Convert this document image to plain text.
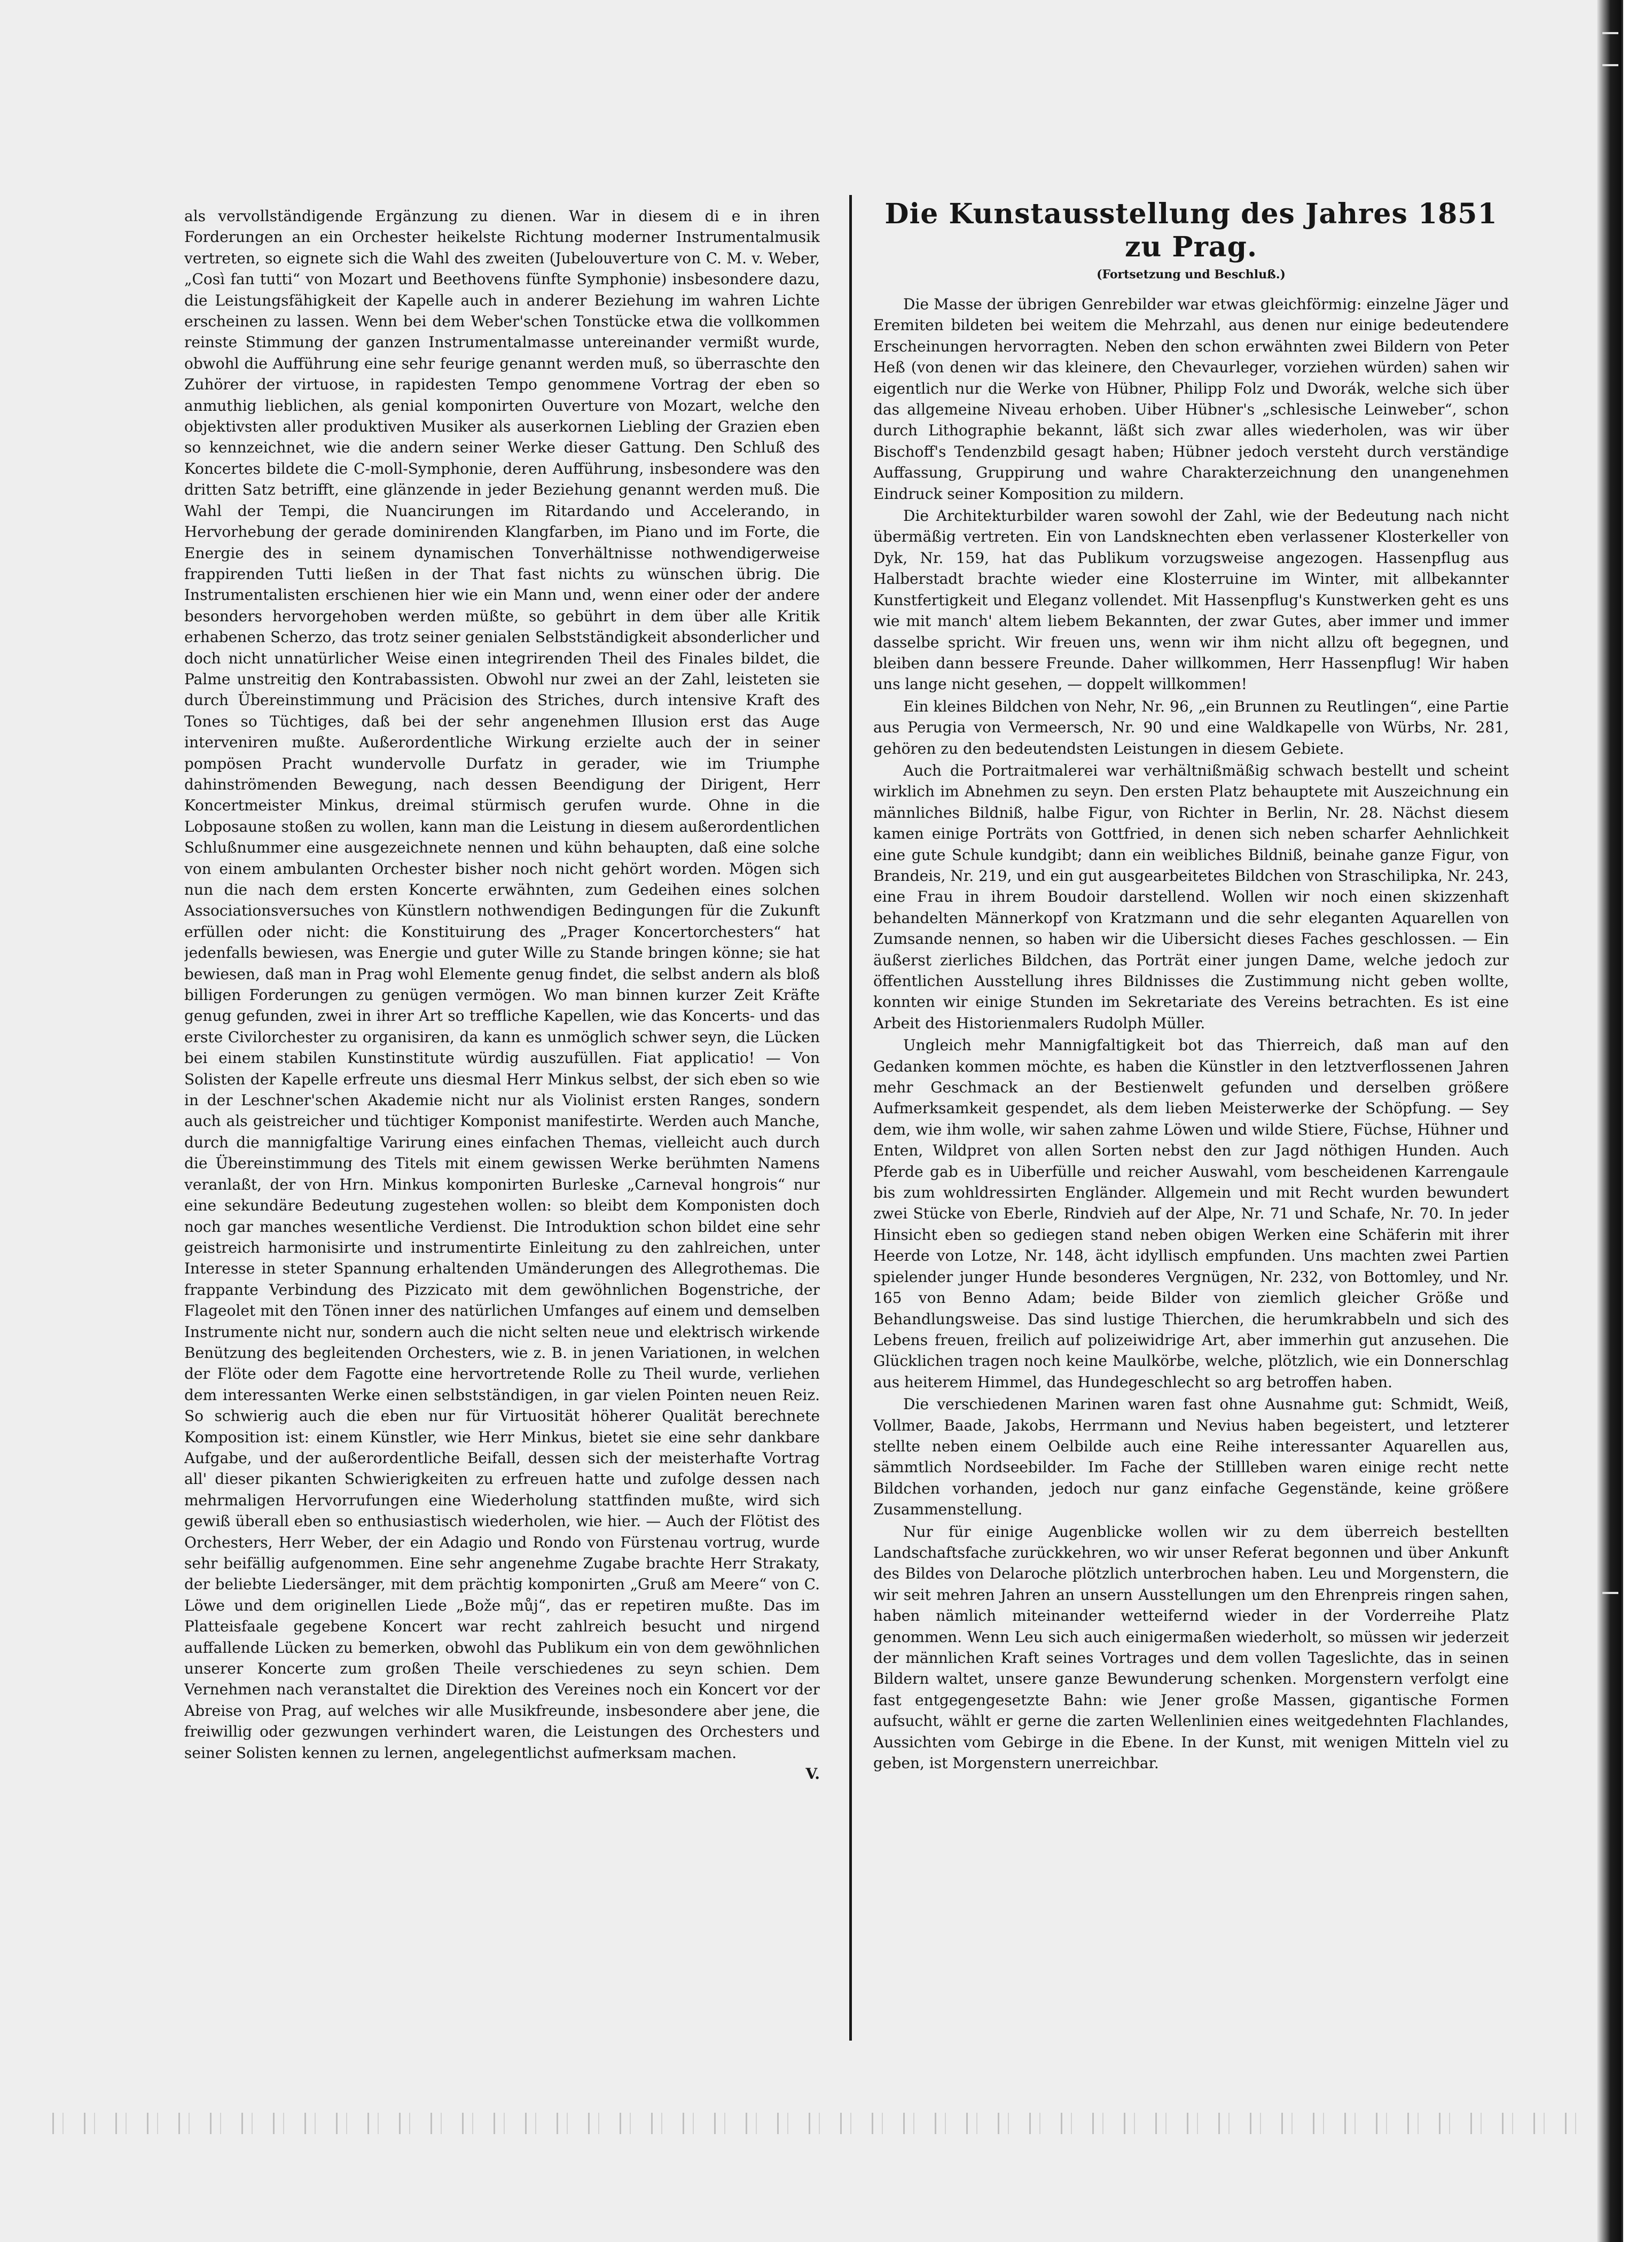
als vervollständigende Ergänzung zu dienen. War in diesem di e in ihren Forderungen an ein Orchester heikelste Richtung moderner Instrumentalmusik vertreten, so eignete sich die Wahl des zweiten (Jubelouverture von C. M. v. Weber, „Così fan tutti“ von Mozart und Beethovens fünfte Symphonie) insbesondere dazu, die Leistungsfähigkeit der Kapelle auch in anderer Beziehung im wahren Lichte erscheinen zu lassen. Wenn bei dem Weber'schen Tonstücke etwa die vollkommen reinste Stimmung der ganzen Instrumentalmasse untereinander vermißt wurde, obwohl die Aufführung eine sehr feurige genannt werden muß, so überraschte den Zuhörer der virtuose, in rapidesten Tempo genommene Vortrag der eben so anmuthig lieblichen, als genial komponirten Ouverture von Mozart, welche den objektivsten aller produktiven Musiker als auserkornen Liebling der Grazien eben so kennzeichnet, wie die andern seiner Werke dieser Gattung. Den Schluß des Koncertes bildete die C-moll-Symphonie, deren Aufführung, insbesondere was den dritten Satz betrifft, eine glänzende in jeder Beziehung genannt werden muß. Die Wahl der Tempi, die Nuancirungen im Ritardando und Accelerando, in Hervorhebung der gerade dominirenden Klangfarben, im Piano und im Forte, die Energie des in seinem dynamischen Tonverhältnisse nothwendigerweise frappirenden Tutti ließen in der That fast nichts zu wünschen übrig. Die Instrumentalisten erschienen hier wie ein Mann und, wenn einer oder der andere besonders hervorgehoben werden müßte, so gebührt in dem über alle Kritik erhabenen Scherzo, das trotz seiner genialen Selbstständigkeit absonderlicher und doch nicht unnatürlicher Weise einen integrirenden Theil des Finales bildet, die Palme unstreitig den Kontrabassisten. Obwohl nur zwei an der Zahl, leisteten sie durch Übereinstimmung und Präcision des Striches, durch intensive Kraft des Tones so Tüchtiges, daß bei der sehr angenehmen Illusion erst das Auge interveniren mußte. Außerordentliche Wirkung erzielte auch der in seiner pompösen Pracht wundervolle Durfatz in gerader, wie im Triumphe dahinströmenden Bewegung, nach dessen Beendigung der Dirigent, Herr Koncertmeister Minkus, dreimal stürmisch gerufen wurde. Ohne in die Lobposaune stoßen zu wollen, kann man die Leistung in diesem außerordentlichen Schlußnummer eine ausgezeichnete nennen und kühn behaupten, daß eine solche von einem ambulanten Orchester bisher noch nicht gehört worden. Mögen sich nun die nach dem ersten Koncerte erwähnten, zum Gedeihen eines solchen Associationsversuches von Künstlern nothwendigen Bedingungen für die Zukunft erfüllen oder nicht: die Konstituirung des „Prager Koncertorchesters“ hat jedenfalls bewiesen, was Energie und guter Wille zu Stande bringen könne; sie hat bewiesen, daß man in Prag wohl Elemente genug findet, die selbst andern als bloß billigen Forderungen zu genügen vermögen. Wo man binnen kurzer Zeit Kräfte genug gefunden, zwei in ihrer Art so treffliche Kapellen, wie das Koncerts- und das erste Civilorchester zu organisiren, da kann es unmöglich schwer seyn, die Lücken bei einem stabilen Kunstinstitute würdig auszufüllen. Fiat applicatio! — Von Solisten der Kapelle erfreute uns diesmal Herr Minkus selbst, der sich eben so wie in der Leschner'schen Akademie nicht nur als Violinist ersten Ranges, sondern auch als geistreicher und tüchtiger Komponist manifestirte. Werden auch Manche, durch die mannigfaltige Varirung eines einfachen Themas, vielleicht auch durch die Übereinstimmung des Titels mit einem gewissen Werke berühmten Namens veranlaßt, der von Hrn. Minkus komponirten Burleske „Carneval hongrois“ nur eine sekundäre Bedeutung zugestehen wollen: so bleibt dem Komponisten doch noch gar manches wesentliche Verdienst. Die Introduktion schon bildet eine sehr geistreich harmonisirte und instrumentirte Einleitung zu den zahlreichen, unter Interesse in steter Spannung erhaltenden Umänderungen des Allegrothemas. Die frappante Verbindung des Pizzicato mit dem gewöhnlichen Bogenstriche, der Flageolet mit den Tönen inner des natürlichen Umfanges auf einem und demselben Instrumente nicht nur, sondern auch die nicht selten neue und elektrisch wirkende Benützung des begleitenden Orchesters, wie z. B. in jenen Variationen, in welchen der Flöte oder dem Fagotte eine hervortretende Rolle zu Theil wurde, verliehen dem interessanten Werke einen selbstständigen, in gar vielen Pointen neuen Reiz. So schwierig auch die eben nur für Virtuosität höherer Qualität berechnete Komposition ist: einem Künstler, wie Herr Minkus, bietet sie eine sehr dankbare Aufgabe, und der außerordentliche Beifall, dessen sich der meisterhafte Vortrag all' dieser pikanten Schwierigkeiten zu erfreuen hatte und zufolge dessen nach mehrmaligen Hervorrufungen eine Wiederholung stattfinden mußte, wird sich gewiß überall eben so enthusiastisch wiederholen, wie hier. — Auch der Flötist des Orchesters, Herr Weber, der ein Adagio und Rondo von Fürstenau vortrug, wurde sehr beifällig aufgenommen. Eine sehr angenehme Zugabe brachte Herr Strakaty, der beliebte Liedersänger, mit dem prächtig komponirten „Gruß am Meere“ von C. Löwe und dem originellen Liede „Bože můj“, das er repetiren mußte. Das im Platteisfaale gegebene Koncert war recht zahlreich besucht und nirgend auffallende Lücken zu bemerken, obwohl das Publikum ein von dem gewöhnlichen unserer Koncerte zum großen Theile verschiedenes zu seyn schien. Dem Vernehmen nach veranstaltet die Direktion des Vereines noch ein Koncert vor der Abreise von Prag, auf welches wir alle Musikfreunde, insbesondere aber jene, die freiwillig oder gezwungen verhindert waren, die Leistungen des Orchesters und seiner Solisten kennen zu lernen, angelegentlichst aufmerksam machen.

V.

Die Kunstausstellung des Jahres 1851 zu Prag.

(Fortsetzung und Beschluß.)

Die Masse der übrigen Genrebilder war etwas gleichförmig: einzelne Jäger und Eremiten bildeten bei weitem die Mehrzahl, aus denen nur einige bedeutendere Erscheinungen hervorragten. Neben den schon erwähnten zwei Bildern von Peter Heß (von denen wir das kleinere, den Chevaurleger, vorziehen würden) sahen wir eigentlich nur die Werke von Hübner, Philipp Folz und Dworák, welche sich über das allgemeine Niveau erhoben. Uiber Hübner's „schlesische Leinweber“, schon durch Lithographie bekannt, läßt sich zwar alles wiederholen, was wir über Bischoff's Tendenzbild gesagt haben; Hübner jedoch versteht durch verständige Auffassung, Gruppirung und wahre Charakterzeichnung den unangenehmen Eindruck seiner Komposition zu mildern.

Die Architekturbilder waren sowohl der Zahl, wie der Bedeutung nach nicht übermäßig vertreten. Ein von Landsknechten eben verlassener Klosterkeller von Dyk, Nr. 159, hat das Publikum vorzugsweise angezogen. Hassenpflug aus Halberstadt brachte wieder eine Klosterruine im Winter, mit allbekannter Kunstfertigkeit und Eleganz vollendet. Mit Hassenpflug's Kunstwerken geht es uns wie mit manch' altem liebem Bekannten, der zwar Gutes, aber immer und immer dasselbe spricht. Wir freuen uns, wenn wir ihm nicht allzu oft begegnen, und bleiben dann bessere Freunde. Daher willkommen, Herr Hassenpflug! Wir haben uns lange nicht gesehen, — doppelt willkommen!

Ein kleines Bildchen von Nehr, Nr. 96, „ein Brunnen zu Reutlingen“, eine Partie aus Perugia von Vermeersch, Nr. 90 und eine Waldkapelle von Würbs, Nr. 281, gehören zu den bedeutendsten Leistungen in diesem Gebiete.

Auch die Portraitmalerei war verhältnißmäßig schwach bestellt und scheint wirklich im Abnehmen zu seyn. Den ersten Platz behauptete mit Auszeichnung ein männliches Bildniß, halbe Figur, von Richter in Berlin, Nr. 28. Nächst diesem kamen einige Porträts von Gottfried, in denen sich neben scharfer Aehnlichkeit eine gute Schule kundgibt; dann ein weibliches Bildniß, beinahe ganze Figur, von Brandeis, Nr. 219, und ein gut ausgearbeitetes Bildchen von Straschilipka, Nr. 243, eine Frau in ihrem Boudoir darstellend. Wollen wir noch einen skizzenhaft behandelten Männerkopf von Kratzmann und die sehr eleganten Aquarellen von Zumsande nennen, so haben wir die Uibersicht dieses Faches geschlossen. — Ein äußerst zierliches Bildchen, das Porträt einer jungen Dame, welche jedoch zur öffentlichen Ausstellung ihres Bildnisses die Zustimmung nicht geben wollte, konnten wir einige Stunden im Sekretariate des Vereins betrachten. Es ist eine Arbeit des Historienmalers Rudolph Müller.

Ungleich mehr Mannigfaltigkeit bot das Thierreich, daß man auf den Gedanken kommen möchte, es haben die Künstler in den letztverflossenen Jahren mehr Geschmack an der Bestienwelt gefunden und derselben größere Aufmerksamkeit gespendet, als dem lieben Meisterwerke der Schöpfung. — Sey dem, wie ihm wolle, wir sahen zahme Löwen und wilde Stiere, Füchse, Hühner und Enten, Wildpret von allen Sorten nebst den zur Jagd nöthigen Hunden. Auch Pferde gab es in Uiberfülle und reicher Auswahl, vom bescheidenen Karrengaule bis zum wohldressirten Engländer. Allgemein und mit Recht wurden bewundert zwei Stücke von Eberle, Rindvieh auf der Alpe, Nr. 71 und Schafe, Nr. 70. In jeder Hinsicht eben so gediegen stand neben obigen Werken eine Schäferin mit ihrer Heerde von Lotze, Nr. 148, ächt idyllisch empfunden. Uns machten zwei Partien spielender junger Hunde besonderes Vergnügen, Nr. 232, von Bottomley, und Nr. 165 von Benno Adam; beide Bilder von ziemlich gleicher Größe und Behandlungsweise. Das sind lustige Thierchen, die herumkrabbeln und sich des Lebens freuen, freilich auf polizeiwidrige Art, aber immerhin gut anzusehen. Die Glücklichen tragen noch keine Maulkörbe, welche, plötzlich, wie ein Donnerschlag aus heiterem Himmel, das Hundegeschlecht so arg betroffen haben.

Die verschiedenen Marinen waren fast ohne Ausnahme gut: Schmidt, Weiß, Vollmer, Baade, Jakobs, Herrmann und Nevius haben begeistert, und letzterer stellte neben einem Oelbilde auch eine Reihe interessanter Aquarellen aus, sämmtlich Nordseebilder. Im Fache der Stillleben waren einige recht nette Bildchen vorhanden, jedoch nur ganz einfache Gegenstände, keine größere Zusammenstellung.

Nur für einige Augenblicke wollen wir zu dem überreich bestellten Landschaftsfache zurückkehren, wo wir unser Referat begonnen und über Ankunft des Bildes von Delaroche plötzlich unterbrochen haben. Leu und Morgenstern, die wir seit mehren Jahren an unsern Ausstellungen um den Ehrenpreis ringen sahen, haben nämlich miteinander wetteifernd wieder in der Vorderreihe Platz genommen. Wenn Leu sich auch einigermaßen wiederholt, so müssen wir jederzeit der männlichen Kraft seines Vortrages und dem vollen Tageslichte, das in seinen Bildern waltet, unsere ganze Bewunderung schenken. Morgenstern verfolgt eine fast entgegengesetzte Bahn: wie Jener große Massen, gigantische Formen aufsucht, wählt er gerne die zarten Wellenlinien eines weitgedehnten Flachlandes, Aussichten vom Gebirge in die Ebene. In der Kunst, mit wenigen Mitteln viel zu geben, ist Morgenstern unerreichbar.
